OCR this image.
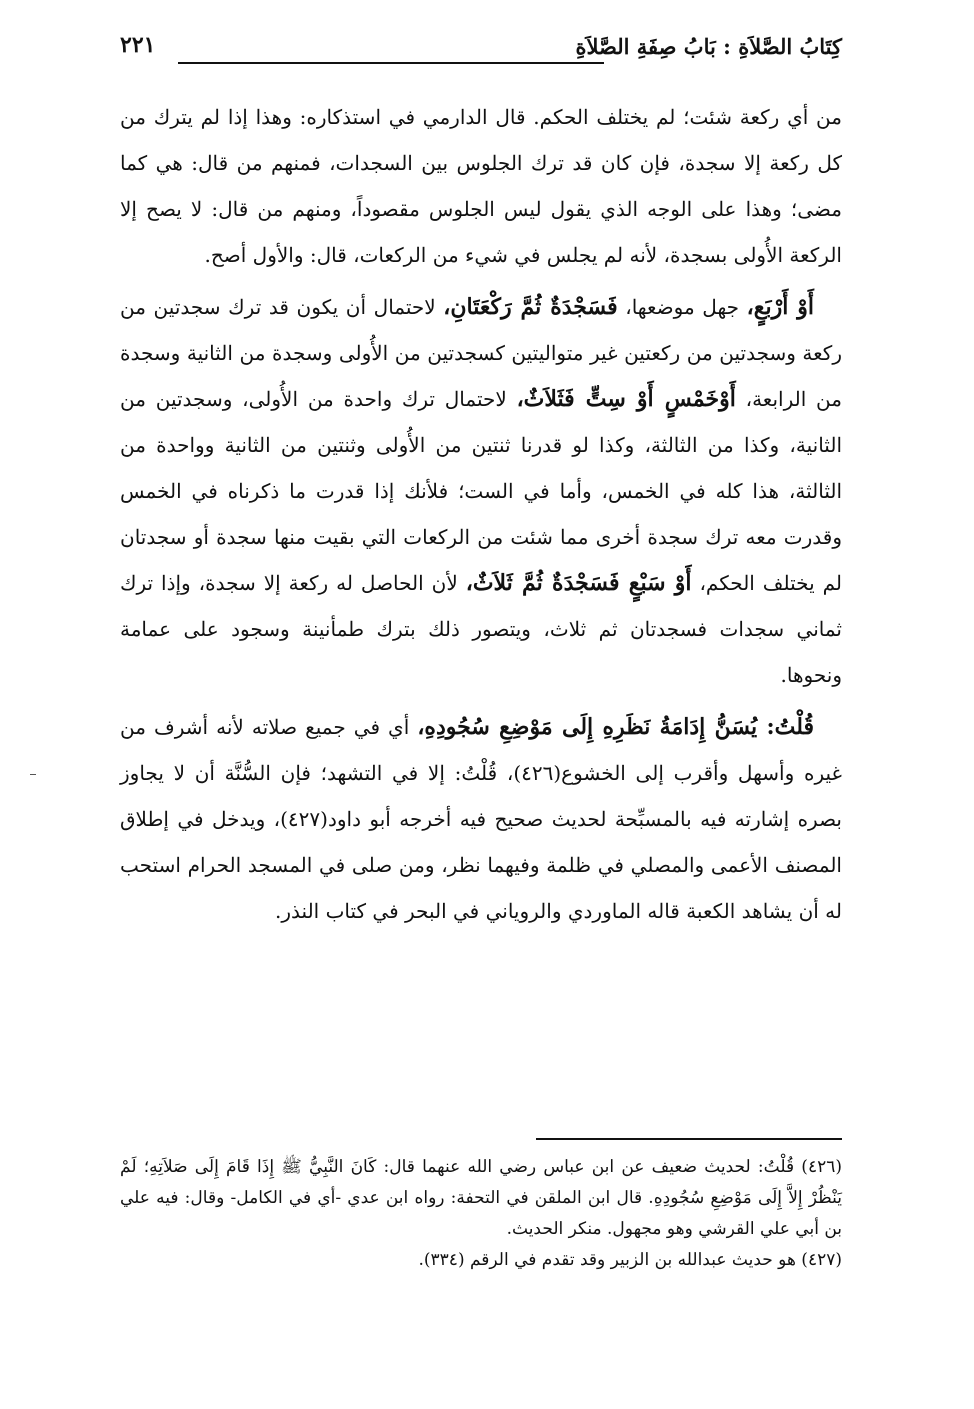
كِتَابُ الصَّلاَةِ : بَابُ صِفَةِ الصَّلاَةِ
٢٢١

من أي ركعة شئت؛ لم يختلف الحكم. قال الدارمي في استذكاره: وهذا إذا لم يترك من كل ركعة إلا سجدة، فإن كان قد ترك الجلوس بين السجدات، فمنهم من قال: هي كما مضى؛ وهذا على الوجه الذي يقول ليس الجلوس مقصوداً، ومنهم من قال: لا يصح إلا الركعة الأُولى بسجدة، لأنه لم يجلس في شيء من الركعات، قال: والأول أصح.

أَوْ أَرْبَعٍ، جهل موضعها، فَسَجْدَةٌ ثُمَّ رَكْعَتَانِ، لاحتمال أن يكون قد ترك سجدتين من ركعة وسجدتين من ركعتين غير متواليتين كسجدتين من الأُولى وسجدة من الثانية وسجدة من الرابعة، أَوْخَمْسٍ أَوْ سِتٍّ فَثَلاَثٌ، لاحتمال ترك واحدة من الأُولى، وسجدتين من الثانية، وكذا من الثالثة، وكذا لو قدرنا ثنتين من الأُولى وثنتين من الثانية وواحدة من الثالثة، هذا كله في الخمس، وأما في الست؛ فلأنك إذا قدرت ما ذكرناه في الخمس وقدرت معه ترك سجدة أخرى مما شئت من الركعات التي بقيت منها سجدة أو سجدتان لم يختلف الحكم، أَوْ سَبْعٍ فَسَجْدَةٌ ثُمَّ ثَلاَثٌ، لأن الحاصل له ركعة إلا سجدة، وإذا ترك ثماني سجدات فسجدتان ثم ثلاث، ويتصور ذلك بترك طمأنينة وسجود على عمامة ونحوها.

قُلْتُ: يُسَنُّ إِدَامَةُ نَظَرِهِ إِلَى مَوْضِعِ سُجُودِهِ، أي في جميع صلاته لأنه أشرف من غيره وأسهل وأقرب إلى الخشوع(٤٢٦)، قُلْتُ: إلا في التشهد؛ فإن السُّنَّة أن لا يجاوز بصره إشارته فيه بالمسبِّحة لحديث صحيح فيه أخرجه أبو داود(٤٢٧)، ويدخل في إطلاق المصنف الأعمى والمصلي في ظلمة وفيهما نظر، ومن صلى في المسجد الحرام استحب له أن يشاهد الكعبة قاله الماوردي والروياني في البحر في كتاب النذر.

(٤٢٦) قُلْتُ: لحديث ضعيف عن ابن عباس رضي الله عنهما قال: كَانَ النَّبِيُّ ﷺ إِذَا قَامَ إِلَى صَلاَتِهِ؛ لَمْ يَنْظُرْ إِلاَّ إِلَى مَوْضِعِ سُجُودِهِ. قال ابن الملقن في التحفة: رواه ابن عدي -أي في الكامل- وقال: فيه علي بن أبي علي القرشي وهو مجهول. منكر الحديث.

(٤٢٧) هو حديث عبدالله بن الزبير وقد تقدم في الرقم (٣٣٤).
